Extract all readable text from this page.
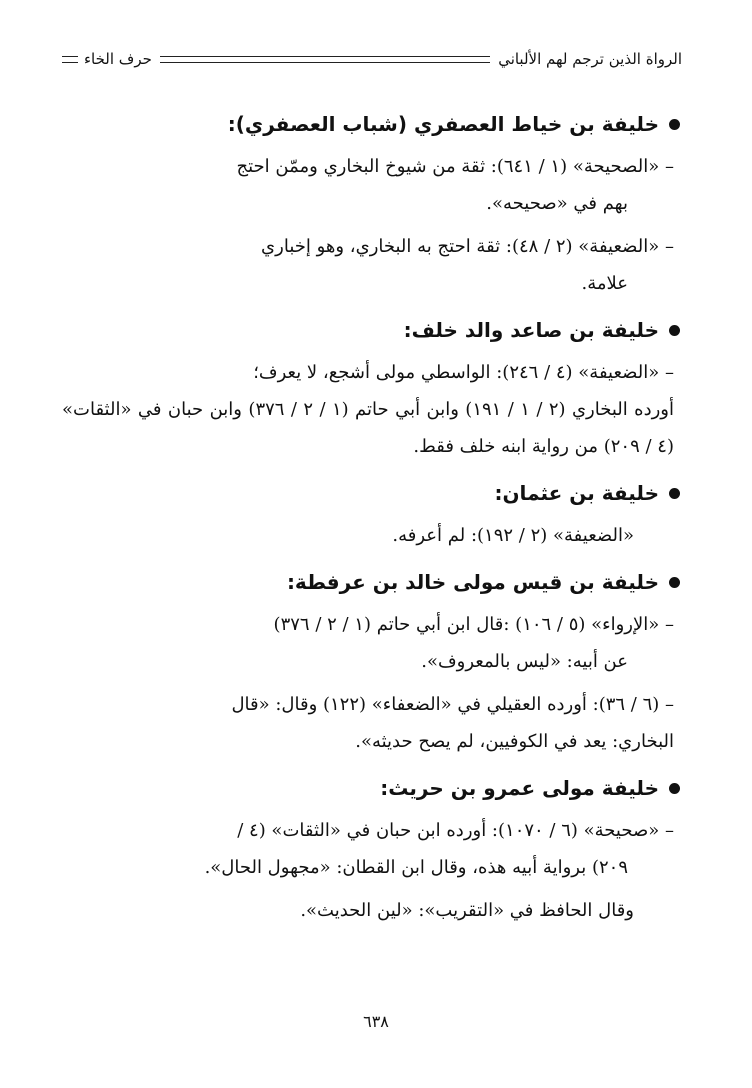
الرواة الذين ترجم لهم الألباني
حرف الخاء
خليفة بن خياط العصفري (شباب العصفري):
– «الصحيحة» (١ / ٦٤١): ثقة من شيوخ البخاري وممّن احتج
بهم في «صحيحه».
– «الضعيفة» (٢ / ٤٨): ثقة احتج به البخاري، وهو إخباري
علامة.
خليفة بن صاعد والد خلف:
– «الضعيفة» (٤ / ٢٤٦): الواسطي مولى أشجع، لا يعرف؛
أورده البخاري (٢ / ١ / ١٩١) وابن أبي حاتم (١ / ٢ / ٣٧٦) وابن حبان في «الثقات» (٤ / ٢٠٩) من رواية ابنه خلف فقط.
خليفة بن عثمان:
«الضعيفة» (٢ / ١٩٢): لم أعرفه.
خليفة بن قيس مولى خالد بن عرفطة:
– «الإرواء» (٥ / ١٠٦) :قال ابن أبي حاتم (١ / ٢ / ٣٧٦)
عن أبيه: «ليس بالمعروف».
– (٦ / ٣٦): أورده العقيلي في «الضعفاء» (١٢٢) وقال: «قال
البخاري: يعد في الكوفيين، لم يصح حديثه».
خليفة مولى عمرو بن حريث:
– «صحيحة» (٦ / ١٠٧٠): أورده ابن حبان في «الثقات» (٤ /
٢٠٩) برواية أبيه هذه، وقال ابن القطان: «مجهول الحال».
وقال الحافظ في «التقريب»: «لين الحديث».
٦٣٨
